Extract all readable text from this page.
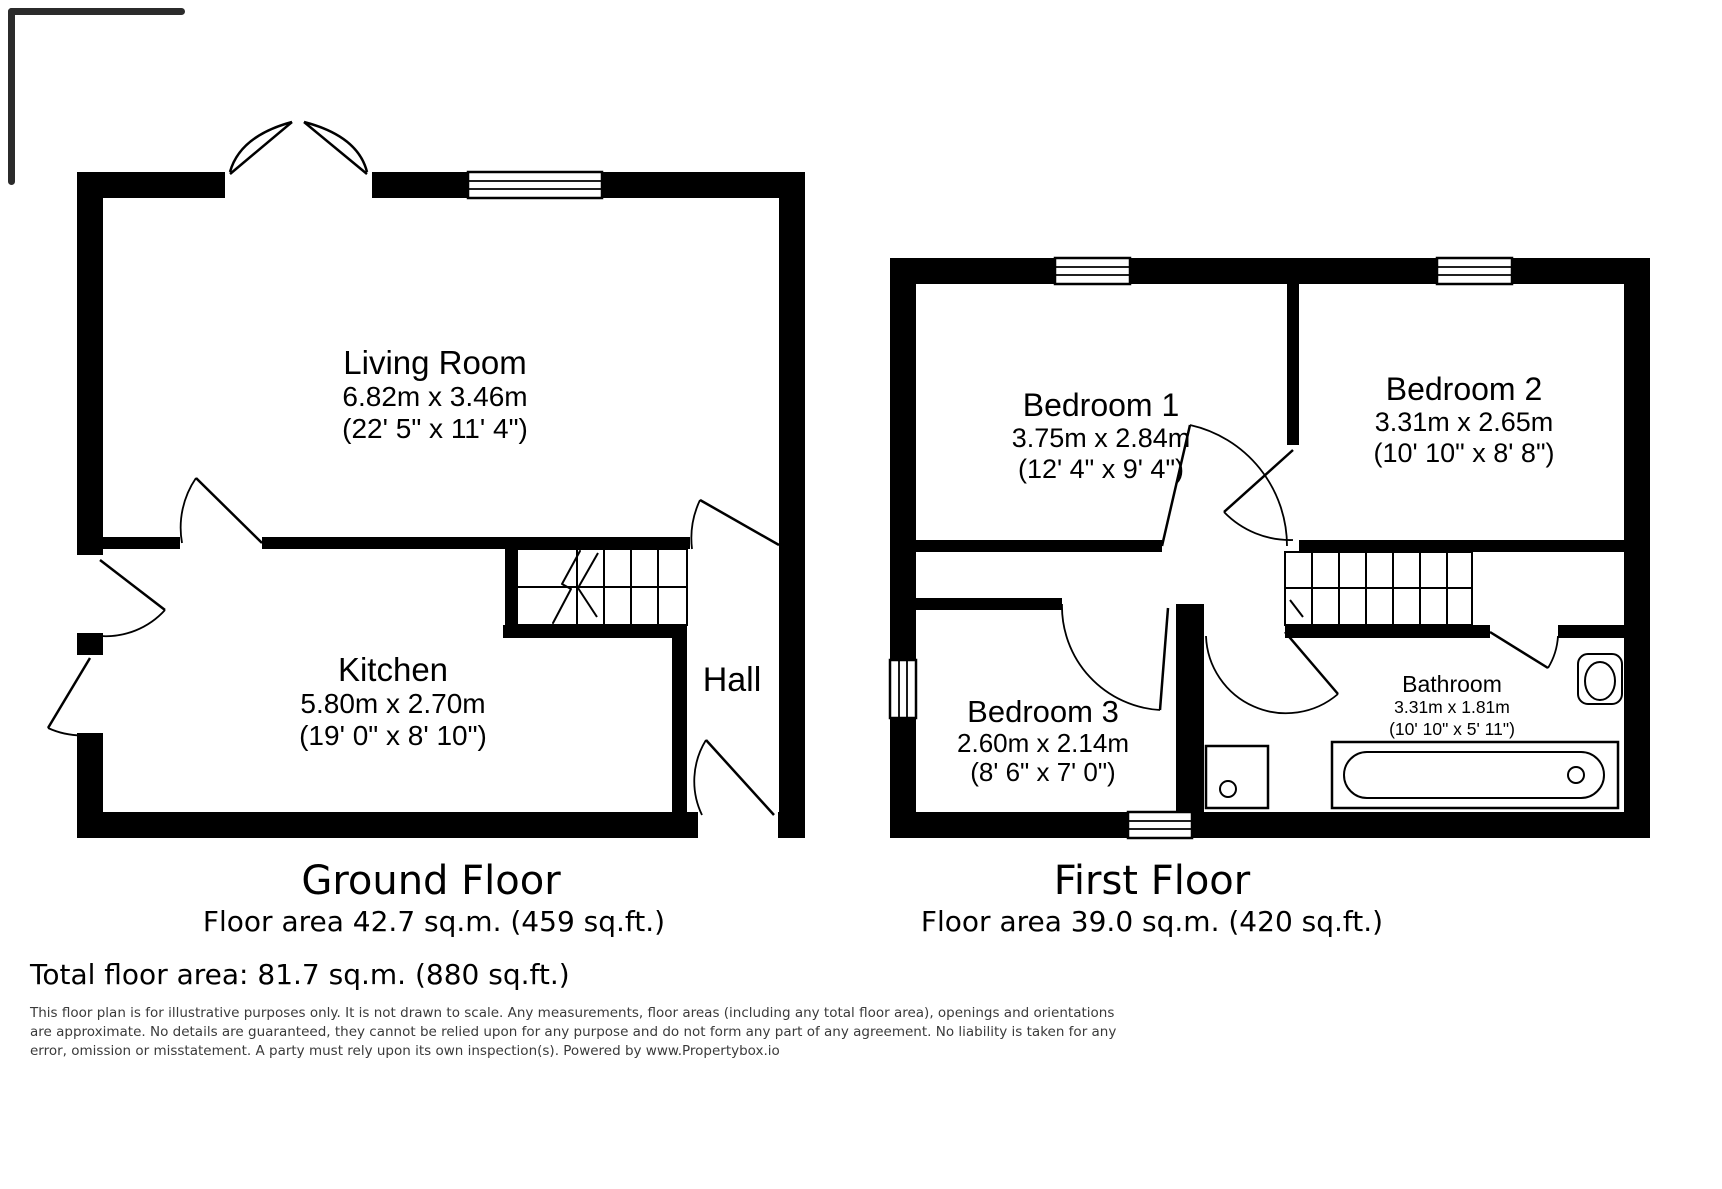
Living Room
6.82m x 3.46m
(22' 5" x 11' 4")
Kitchen
5.80m x 2.70m
(19' 0" x 8' 10")
Hall
Bedroom 1
3.75m x 2.84m
(12' 4" x 9' 4")
Bedroom 2
3.31m x 2.65m
(10' 10" x 8' 8")
Bedroom 3
2.60m x 2.14m
(8' 6" x 7' 0")
Bathroom
3.31m x 1.81m
(10' 10" x 5' 11")
Ground Floor
Floor area 42.7 sq.m. (459 sq.ft.)
First Floor
Floor area 39.0 sq.m. (420 sq.ft.)
Total floor area: 81.7 sq.m. (880 sq.ft.)
This floor plan is for illustrative purposes only. It is not drawn to scale. Any measurements, floor areas (including any total floor area), openings and orientations are approximate. No details are guaranteed, they cannot be relied upon for any purpose and do not form any part of any agreement. No liability is taken for any error, omission or misstatement. A party must rely upon its own inspection(s). Powered by www.Propertybox.io
